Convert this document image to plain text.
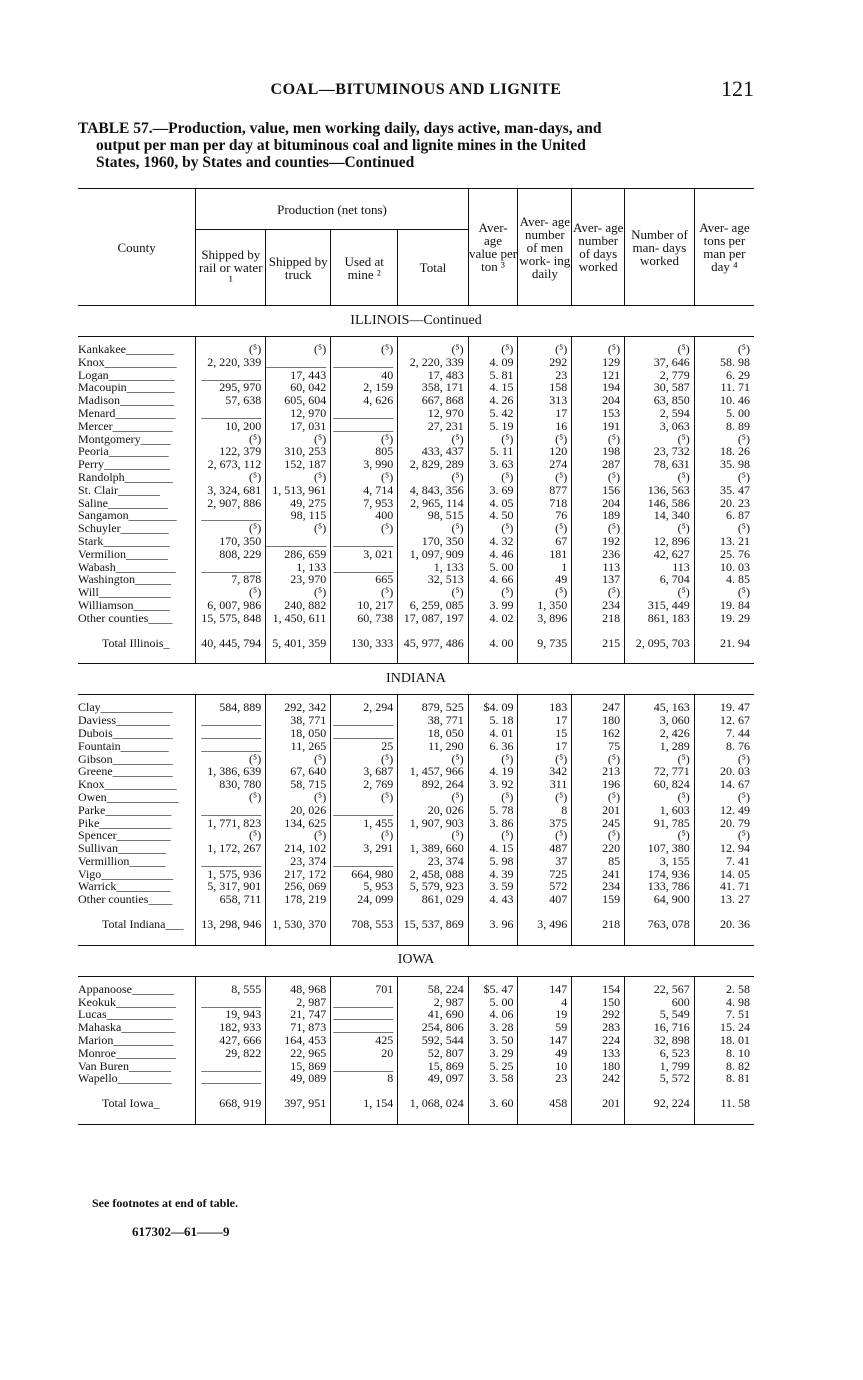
COAL—BITUMINOUS AND LIGNITE	121
TABLE 57.—Production, value, men working daily, days active, man-days, and
output per man per day at bituminous coal and lignite mines in the United
States, 1960, by States and counties—Continued
County	Production (net tons)				Aver- age value per ton ³	Aver- age number of men work- ing daily	Aver- age number of days worked	Number of man- days worked	Aver- age tons per man per day ⁴
	Shipped by rail or water ¹	Shipped by truck	Used at mine ²	Total					

ILLINOIS—Continued									

Kankakee________	(⁵)	(⁵)	(⁵)	(⁵)	(⁵)	(⁵)	(⁵)	(⁵)	(⁵)
Knox____________	2, 220, 339	__________	__________	2, 220, 339	4. 09	292	129	37, 646	58. 98
Logan___________	__________	17, 443	40	17, 483	5. 81	23	121	2, 779	6. 29
Macoupin________	295, 970	60, 042	2, 159	358, 171	4. 15	158	194	30, 587	11. 71
Madison_________	57, 638	605, 604	4, 626	667, 868	4. 26	313	204	63, 850	10. 46
Menard__________	__________	12, 970	__________	12, 970	5. 42	17	153	2, 594	5. 00
Mercer__________	10, 200	17, 031	__________	27, 231	5. 19	16	191	3, 063	8. 89
Montgomery_____	(⁵)	(⁵)	(⁵)	(⁵)	(⁵)	(⁵)	(⁵)	(⁵)	(⁵)
Peoria__________	122, 379	310, 253	805	433, 437	5. 11	120	198	23, 732	18. 26
Perry___________	2, 673, 112	152, 187	3, 990	2, 829, 289	3. 63	274	287	78, 631	35. 98
Randolph________	(⁵)	(⁵)	(⁵)	(⁵)	(⁵)	(⁵)	(⁵)	(⁵)	(⁵)
St. Clair_______	3, 324, 681	1, 513, 961	4, 714	4, 843, 356	3. 69	877	156	136, 563	35. 47
Saline__________	2, 907, 886	49, 275	7, 953	2, 965, 114	4. 05	718	204	146, 586	20. 23
Sangamon________	__________	98, 115	400	98, 515	4. 50	76	189	14, 340	6. 87
Schuyler________	(⁵)	(⁵)	(⁵)	(⁵)	(⁵)	(⁵)	(⁵)	(⁵)	(⁵)
Stark___________	170, 350	__________	__________	170, 350	4. 32	67	192	12, 896	13. 21
Vermilion_______	808, 229	286, 659	3, 021	1, 097, 909	4. 46	181	236	42, 627	25. 76
Wabash__________	__________	1, 133	__________	1, 133	5. 00	1	113	113	10. 03
Washington______	7, 878	23, 970	665	32, 513	4. 66	49	137	6, 704	4. 85
Will____________	(⁵)	(⁵)	(⁵)	(⁵)	(⁵)	(⁵)	(⁵)	(⁵)	(⁵)
Williamson______	6, 007, 986	240, 882	10, 217	6, 259, 085	3. 99	1, 350	234	315, 449	19. 84
Other counties____	15, 575, 848	1, 450, 611	60, 738	17, 087, 197	4. 02	3, 896	218	861, 183	19. 29

Total Illinois_	40, 445, 794	5, 401, 359	130, 333	45, 977, 486	4. 00	9, 735	215	2, 095, 703	21. 94

INDIANA									

Clay____________	584, 889	292, 342	2, 294	879, 525	$4. 09	183	247	45, 163	19. 47
Daviess_________	__________	38, 771	__________	38, 771	5. 18	17	180	3, 060	12. 67
Dubois__________	__________	18, 050	__________	18, 050	4. 01	15	162	2, 426	7. 44
Fountain________	__________	11, 265	25	11, 290	6. 36	17	75	1, 289	8. 76
Gibson__________	(⁵)	(⁵)	(⁵)	(⁵)	(⁵)	(⁵)	(⁵)	(⁵)	(⁵)
Greene__________	1, 386, 639	67, 640	3, 687	1, 457, 966	4. 19	342	213	72, 771	20. 03
Knox____________	830, 780	58, 715	2, 769	892, 264	3. 92	311	196	60, 824	14. 67
Owen____________	(⁵)	(⁵)	(⁵)	(⁵)	(⁵)	(⁵)	(⁵)	(⁵)	(⁵)
Parke___________	__________	20, 026	__________	20, 026	5. 78	8	201	1, 603	12. 49
Pike____________	1, 771, 823	134, 625	1, 455	1, 907, 903	3. 86	375	245	91, 785	20. 79
Spencer_________	(⁵)	(⁵)	(⁵)	(⁵)	(⁵)	(⁵)	(⁵)	(⁵)	(⁵)
Sullivan________	1, 172, 267	214, 102	3, 291	1, 389, 660	4. 15	487	220	107, 380	12. 94
Vermillion______	__________	23, 374	__________	23, 374	5. 98	37	85	3, 155	7. 41
Vigo____________	1, 575, 936	217, 172	664, 980	2, 458, 088	4. 39	725	241	174, 936	14. 05
Warrick_________	5, 317, 901	256, 069	5, 953	5, 579, 923	3. 59	572	234	133, 786	41. 71
Other counties____	658, 711	178, 219	24, 099	861, 029	4. 43	407	159	64, 900	13. 27

Total Indiana___	13, 298, 946	1, 530, 370	708, 553	15, 537, 869	3. 96	3, 496	218	763, 078	20. 36

IOWA									

Appanoose_______	8, 555	48, 968	701	58, 224	$5. 47	147	154	22, 567	2. 58
Keokuk__________	__________	2, 987	__________	2, 987	5. 00	4	150	600	4. 98
Lucas___________	19, 943	21, 747	__________	41, 690	4. 06	19	292	5, 549	7. 51
Mahaska_________	182, 933	71, 873	__________	254, 806	3. 28	59	283	16, 716	15. 24
Marion__________	427, 666	164, 453	425	592, 544	3. 50	147	224	32, 898	18. 01
Monroe__________	29, 822	22, 965	20	52, 807	3. 29	49	133	6, 523	8. 10
Van Buren_______	__________	15, 869	__________	15, 869	5. 25	10	180	1, 799	8. 82
Wapello_________	__________	49, 089	8	49, 097	3. 58	23	242	5, 572	8. 81

Total Iowa_	668, 919	397, 951	1, 154	1, 068, 024	3. 60	458	201	92, 224	11. 58

See footnotes at end of table.
617302—61——9
